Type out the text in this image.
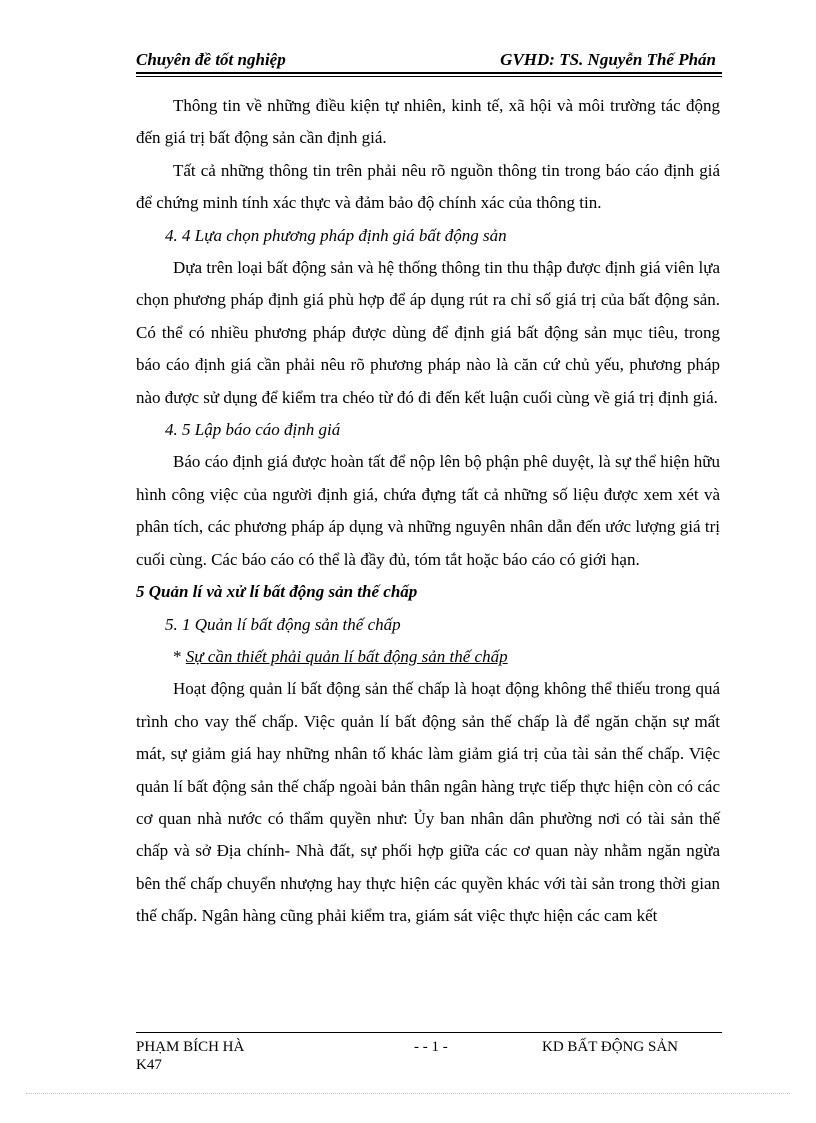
Chuyên đề tốt nghiệp	GVHD: TS. Nguyễn Thế Phán

Thông tin về những điều kiện tự nhiên, kinh tế, xã hội và môi trường tác động đến giá trị bất động sản cần định giá.

Tất cả những thông tin trên phải nêu rõ nguồn thông tin trong báo cáo định giá để chứng minh tính xác thực và đảm bảo độ chính xác của thông tin.

4. 4 Lựa chọn phương pháp định giá bất động sản

Dựa trên loại bất động sản và hệ thống thông tin thu thập được định giá viên lựa chọn phương pháp định giá phù hợp để áp dụng rút ra chỉ số giá trị của bất động sản. Có thể có nhiều phương pháp được dùng để định giá bất động sản mục tiêu, trong báo cáo định giá cần phải nêu rõ phương pháp nào là căn cứ chủ yếu, phương pháp nào được sử dụng để kiểm tra chéo từ đó đi đến kết luận cuối cùng về giá trị định giá.

4. 5 Lập báo cáo định giá

Báo cáo định giá được hoàn tất để nộp lên bộ phận phê duyệt, là sự thể hiện hữu hình công việc của người định giá, chứa đựng tất cả những số liệu được xem xét và phân tích, các phương pháp áp dụng và những nguyên nhân dẫn đến ước lượng giá trị cuối cùng. Các báo cáo có thể là đầy đủ, tóm tắt hoặc báo cáo có giới hạn.

5 Quản lí và xử lí bất động sản thế chấp

5. 1 Quản lí bất động sản thế chấp

* Sự cần thiết phải quản lí bất động sản thế chấp

Hoạt động quản lí bất động sản thế chấp là hoạt động không thể thiếu trong quá trình cho vay thế chấp. Việc quản lí bất động sản thế chấp là để ngăn chặn sự mất mát, sự giảm giá hay những nhân tố khác làm giảm giá trị của tài sản thế chấp. Việc quản lí bất động sản thế chấp ngoài bản thân ngân hàng trực tiếp thực hiện còn có các cơ quan nhà nước có thẩm quyền như: Ủy ban nhân dân phường nơi có tài sản thế chấp và sở Địa chính- Nhà đất, sự phối hợp giữa các cơ quan này nhằm ngăn ngừa bên thế chấp chuyển nhượng hay thực hiện các quyền khác với tài sản trong thời gian thế chấp. Ngân hàng cũng phải kiểm tra, giám sát việc thực hiện các cam kết

PHẠM BÍCH HÀ
K47
- - 1 -	KD BẤT ĐỘNG SẢN
